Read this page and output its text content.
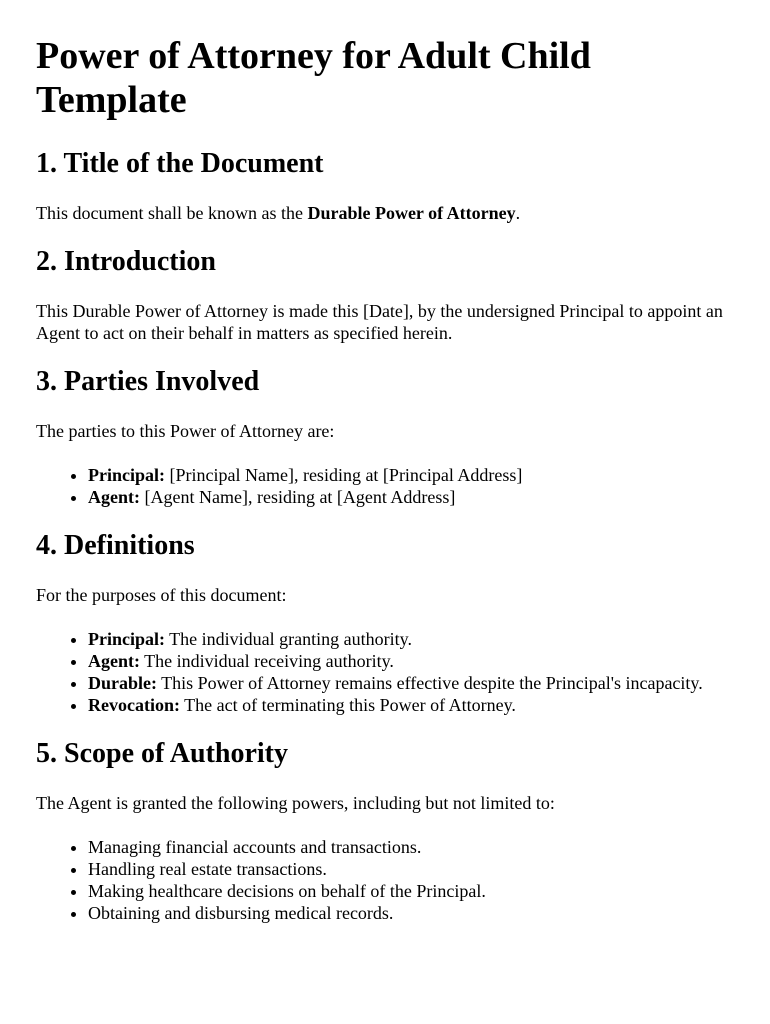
Power of Attorney for Adult Child Template
1. Title of the Document

This document shall be known as the Durable Power of Attorney.

2. Introduction

This Durable Power of Attorney is made this [Date], by the undersigned Principal to appoint an Agent to act on their behalf in matters as specified herein.

3. Parties Involved

The parties to this Power of Attorney are:

• Principal: [Principal Name], residing at [Principal Address]
• Agent: [Agent Name], residing at [Agent Address]
4. Definitions

For the purposes of this document:

• Principal: The individual granting authority.
• Agent: The individual receiving authority.
• Durable: This Power of Attorney remains effective despite the Principal's incapacity.
• Revocation: The act of terminating this Power of Attorney.
5. Scope of Authority

The Agent is granted the following powers, including but not limited to:

• Managing financial accounts and transactions.
• Handling real estate transactions.
• Making healthcare decisions on behalf of the Principal.
• Obtaining and disbursing medical records.
